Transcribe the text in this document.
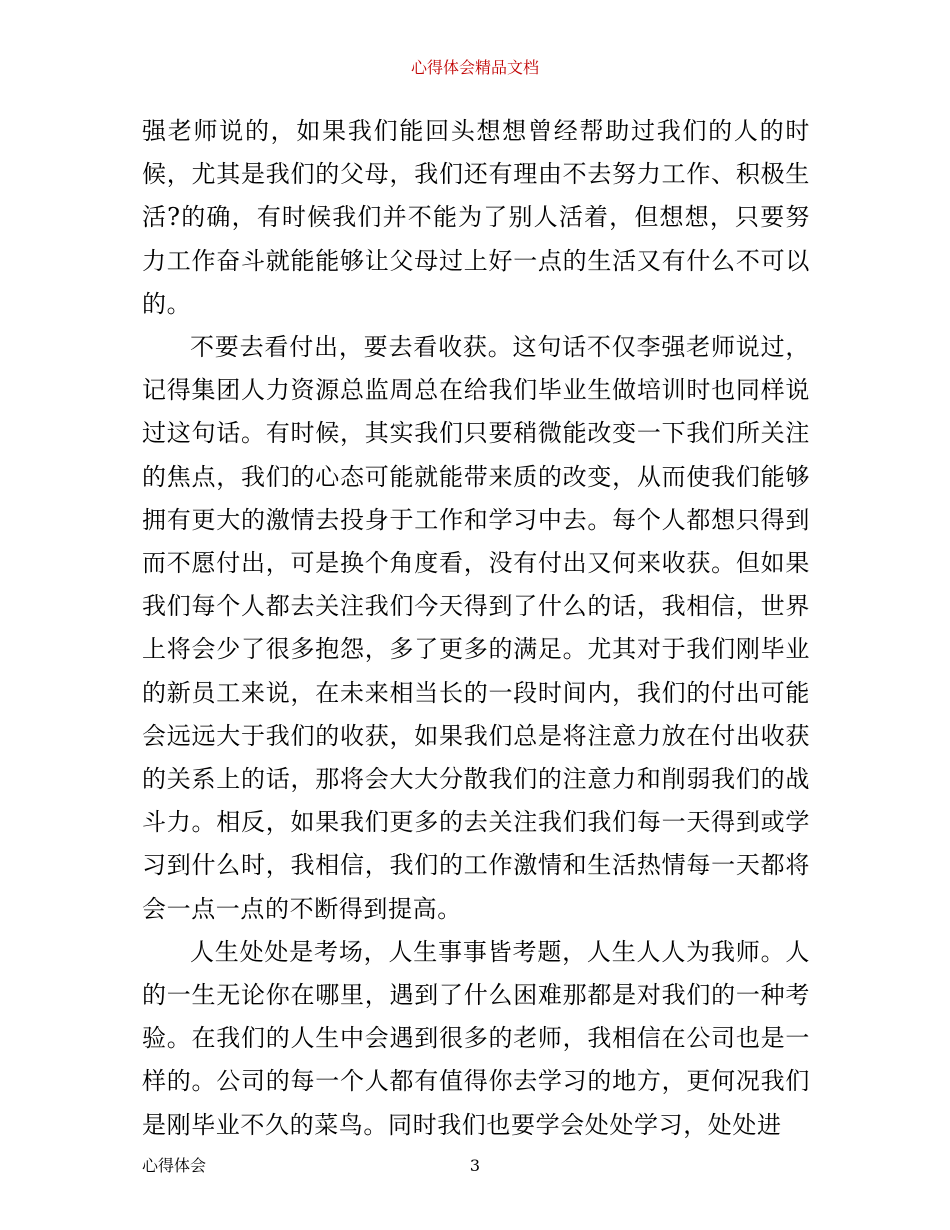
心得体会精品文档

强老师说的，如果我们能回头想想曾经帮助过我们的人的时候，尤其是我们的父母，我们还有理由不去努力工作、积极生活?的确，有时候我们并不能为了别人活着，但想想，只要努力工作奋斗就能能够让父母过上好一点的生活又有什么不可以的。

不要去看付出，要去看收获。这句话不仅李强老师说过，记得集团人力资源总监周总在给我们毕业生做培训时也同样说过这句话。有时候，其实我们只要稍微能改变一下我们所关注的焦点，我们的心态可能就能带来质的改变，从而使我们能够拥有更大的激情去投身于工作和学习中去。每个人都想只得到而不愿付出，可是换个角度看，没有付出又何来收获。但如果我们每个人都去关注我们今天得到了什么的话，我相信，世界上将会少了很多抱怨，多了更多的满足。尤其对于我们刚毕业的新员工来说，在未来相当长的一段时间内，我们的付出可能会远远大于我们的收获，如果我们总是将注意力放在付出收获的关系上的话，那将会大大分散我们的注意力和削弱我们的战斗力。相反，如果我们更多的去关注我们我们每一天得到或学习到什么时，我相信，我们的工作激情和生活热情每一天都将会一点一点的不断得到提高。

人生处处是考场，人生事事皆考题，人生人人为我师。人的一生无论你在哪里，遇到了什么困难那都是对我们的一种考验。在我们的人生中会遇到很多的老师，我相信在公司也是一样的。公司的每一个人都有值得你去学习的地方，更何况我们是刚毕业不久的菜鸟。同时我们也要学会处处学习，处处进

心得体会	3
